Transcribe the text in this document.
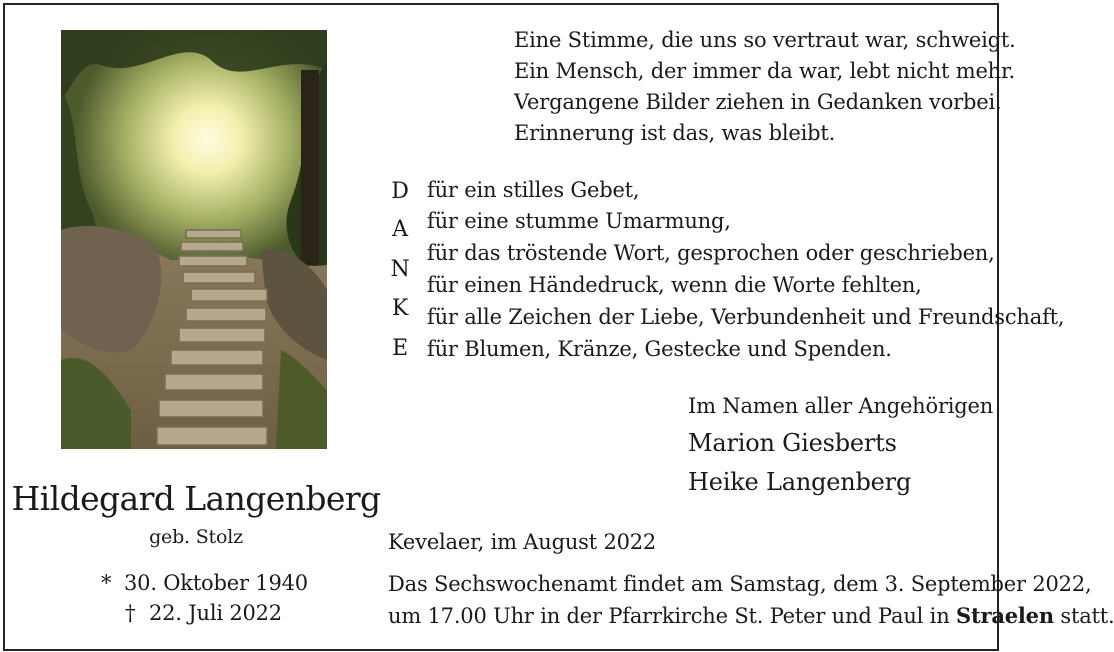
Eine Stimme, die uns so vertraut war, schweigt.
Ein Mensch, der immer da war, lebt nicht mehr.
Vergangene Bilder ziehen in Gedanken vorbei.
Erinnerung ist das, was bleibt.
D
A
N
K
E
für ein stilles Gebet,
für eine stumme Umarmung,
für das tröstende Wort, gesprochen oder geschrieben,
für einen Händedruck, wenn die Worte fehlten,
für alle Zeichen der Liebe, Verbundenheit und Freundschaft,
für Blumen, Kränze, Gestecke und Spenden.
Im Namen aller Angehörigen
Marion Giesberts
Heike Langenberg
Hildegard Langenberg
geb. Stolz
* 30. Oktober 1940
† 22. Juli 2022
Kevelaer, im August 2022
Das Sechswochenamt findet am Samstag, dem 3. September 2022,
um 17.00 Uhr in der Pfarrkirche St. Peter und Paul in Straelen statt.
